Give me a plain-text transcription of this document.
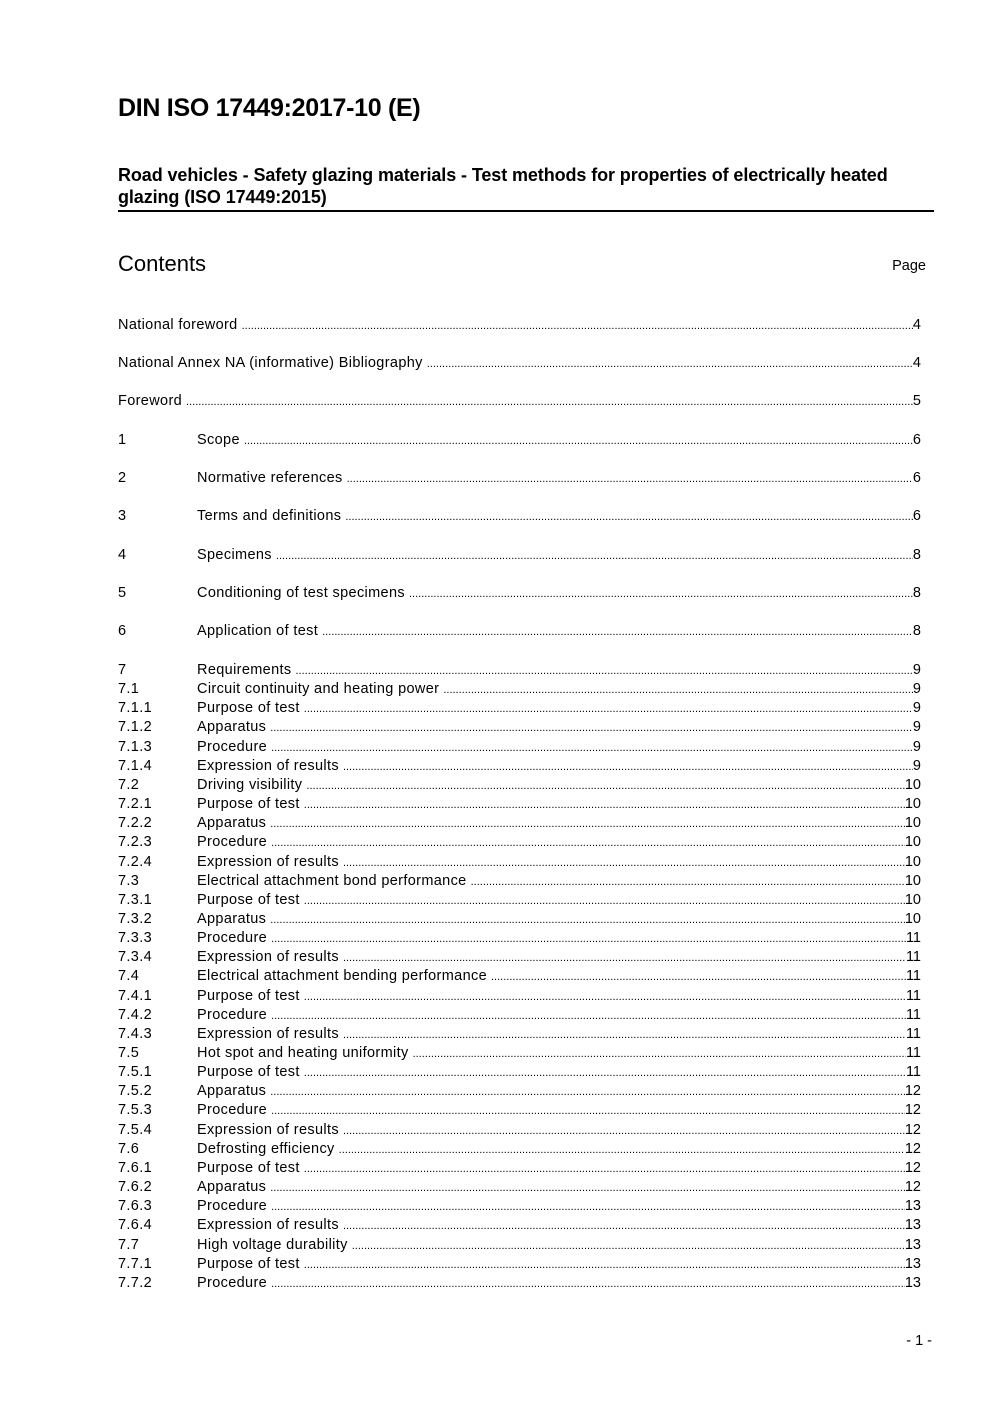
DIN ISO 17449:2017-10 (E)
Road vehicles - Safety glazing materials - Test methods for properties of electrically heated glazing (ISO 17449:2015)
Contents	Page
National foreword .....	4
National Annex NA (informative) Bibliography .....	4
Foreword .....	5
1	Scope .....	6
2	Normative references .....	6
3	Terms and definitions .....	6
4	Specimens .....	8
5	Conditioning of test specimens .....	8
6	Application of test .....	8
7	Requirements .....	9
7.1	Circuit continuity and heating power .....	9
7.1.1	Purpose of test .....	9
7.1.2	Apparatus .....	9
7.1.3	Procedure .....	9
7.1.4	Expression of results .....	9
7.2	Driving visibility .....	10
7.2.1	Purpose of test .....	10
7.2.2	Apparatus .....	10
7.2.3	Procedure .....	10
7.2.4	Expression of results .....	10
7.3	Electrical attachment bond performance .....	10
7.3.1	Purpose of test .....	10
7.3.2	Apparatus .....	10
7.3.3	Procedure .....	11
7.3.4	Expression of results .....	11
7.4	Electrical attachment bending performance .....	11
7.4.1	Purpose of test .....	11
7.4.2	Procedure .....	11
7.4.3	Expression of results .....	11
7.5	Hot spot and heating uniformity .....	11
7.5.1	Purpose of test .....	11
7.5.2	Apparatus .....	12
7.5.3	Procedure .....	12
7.5.4	Expression of results .....	12
7.6	Defrosting efficiency .....	12
7.6.1	Purpose of test .....	12
7.6.2	Apparatus .....	12
7.6.3	Procedure .....	13
7.6.4	Expression of results .....	13
7.7	High voltage durability .....	13
7.7.1	Purpose of test .....	13
7.7.2	Procedure .....	13
- 1 -
